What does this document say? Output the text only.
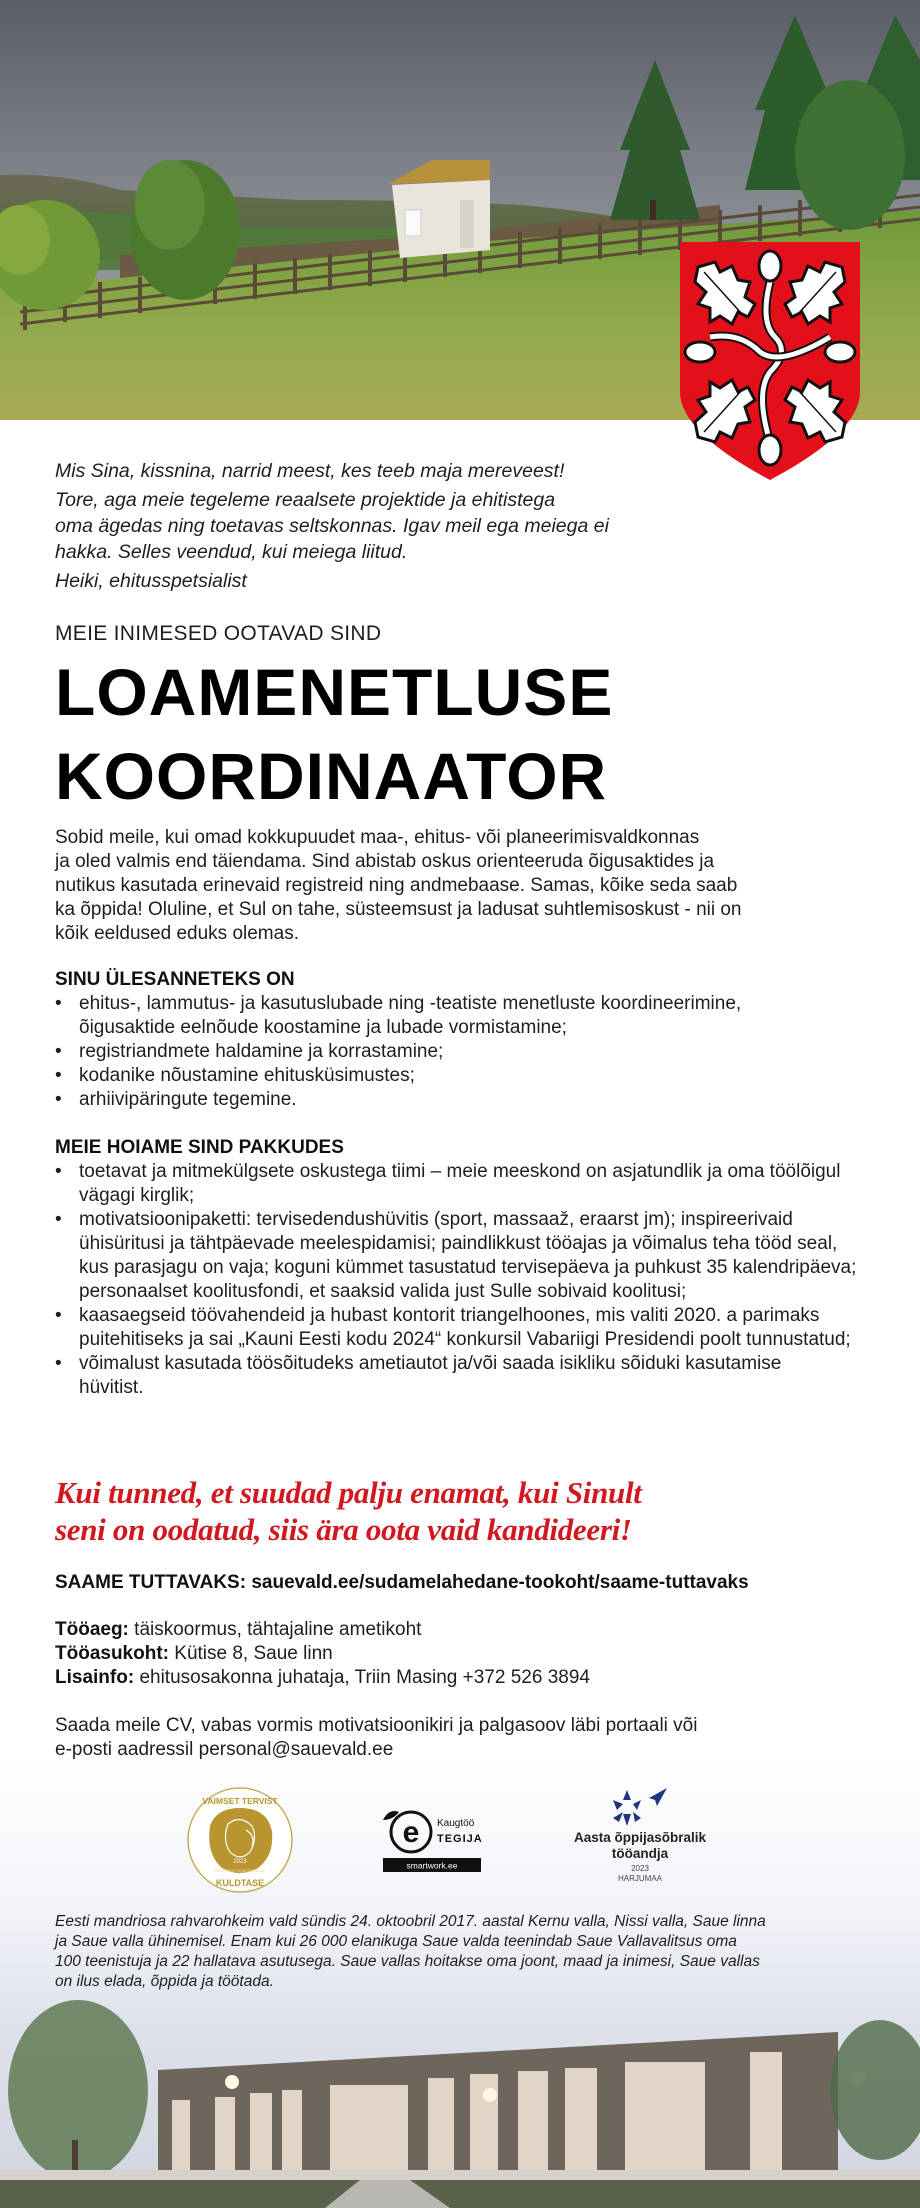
Mis Sina, kissnina, narrid meest, kes teeb maja mereveest!

Tore, aga meie tegeleme reaalsete projektide ja ehitistega

oma ägedas ning toetavas seltskonnas. Igav meil ega meiega ei

hakka. Selles veendud, kui meiega liitud.

Heiki, ehitusspetsialist

MEIE INIMESED OOTAVAD SIND
LOAMENETLUSE
KOORDINAATOR
Sobid meile, kui omad kokkupuudet maa-, ehitus- või planeerimisvaldkonnas
ja oled valmis end täiendama. Sind abistab oskus orienteeruda õigusaktides ja
nutikus kasutada erinevaid registreid ning andmebaase. Samas, kõike seda saab
ka õppida! Oluline, et Sul on tahe, süsteemsust ja ladusat suhtlemisoskust - nii on
kõik eeldused eduks olemas.
SINU ÜLESANNETEKS ON
• ehitus-, lammutus- ja kasutuslubade ning -teatiste menetluste koordineerimine, õigusaktide eelnõude koostamine ja lubade vormistamine;
• registriandmete haldamine ja korrastamine;
• kodanike nõustamine ehitusküsimustes;
• arhiivipäringute tegemine.
MEIE HOIAME SIND PAKKUDES
• toetavat ja mitmekülgsete oskustega tiimi – meie meeskond on asjatundlik ja oma töölõigul vägagi kirglik;
• motivatsioonipaketti: tervisedendushüvitis (sport, massaaž, eraarst jm); inspireerivaid ühisüritusi ja tähtpäevade meelespidamisi; paindlikkust tööajas ja võimalus teha tööd seal, kus parasjagu on vaja; koguni kümmet tasustatud tervisepäeva ja puhkust 35 kalendripäeva; personaalset koolitusfondi, et saaksid valida just Sulle sobivaid koolitusi;
• kaasaegseid töövahendeid ja hubast kontorit triangelhoones, mis valiti 2020. a parimaks puitehitiseks ja sai „Kauni Eesti kodu 2024“ konkursil Vabariigi Presidendi poolt tunnustatud;
• võimalust kasutada töösõitudeks ametiautot ja/või saada isikliku sõiduki kasutamise hüvitist.
Kui tunned, et suudad palju enamat, kui Sinult
seni on oodatud, siis ära oota vaid kandideeri!
SAAME TUTTAVAKS: sauevald.ee/sudamelahedane-tookoht/saame-tuttavaks
Tööaeg: täiskoormus, tähtajaline ametikoht
Tööasukoht: Kütise 8, Saue linn
Lisainfo: ehitusosakonna juhataja, Triin Masing +372 526 3894
Saada meile CV, vabas vormis motivatsioonikiri ja palgasoov läbi portaali või
e-posti aadressil personal@sauevald.ee
VAIMSET TERVIST
2023
väärtustav organisatsioon
KULDTASE
e Kaugtöö
TEGIJA
smartwork.ee
Aasta õppijasõbralik
tööandja
2023
HARJUMAA
Eesti mandriosa rahvarohkeim vald sündis 24. oktoobril 2017. aastal Kernu valla, Nissi valla, Saue linna
ja Saue valla ühinemisel. Enam kui 26 000 elanikuga Saue valda teenindab Saue Vallavalitsus oma
100 teenistuja ja 22 hallatava asutusega. Saue vallas hoitakse oma joont, maad ja inimesi, Saue vallas
on ilus elada, õppida ja töötada.
